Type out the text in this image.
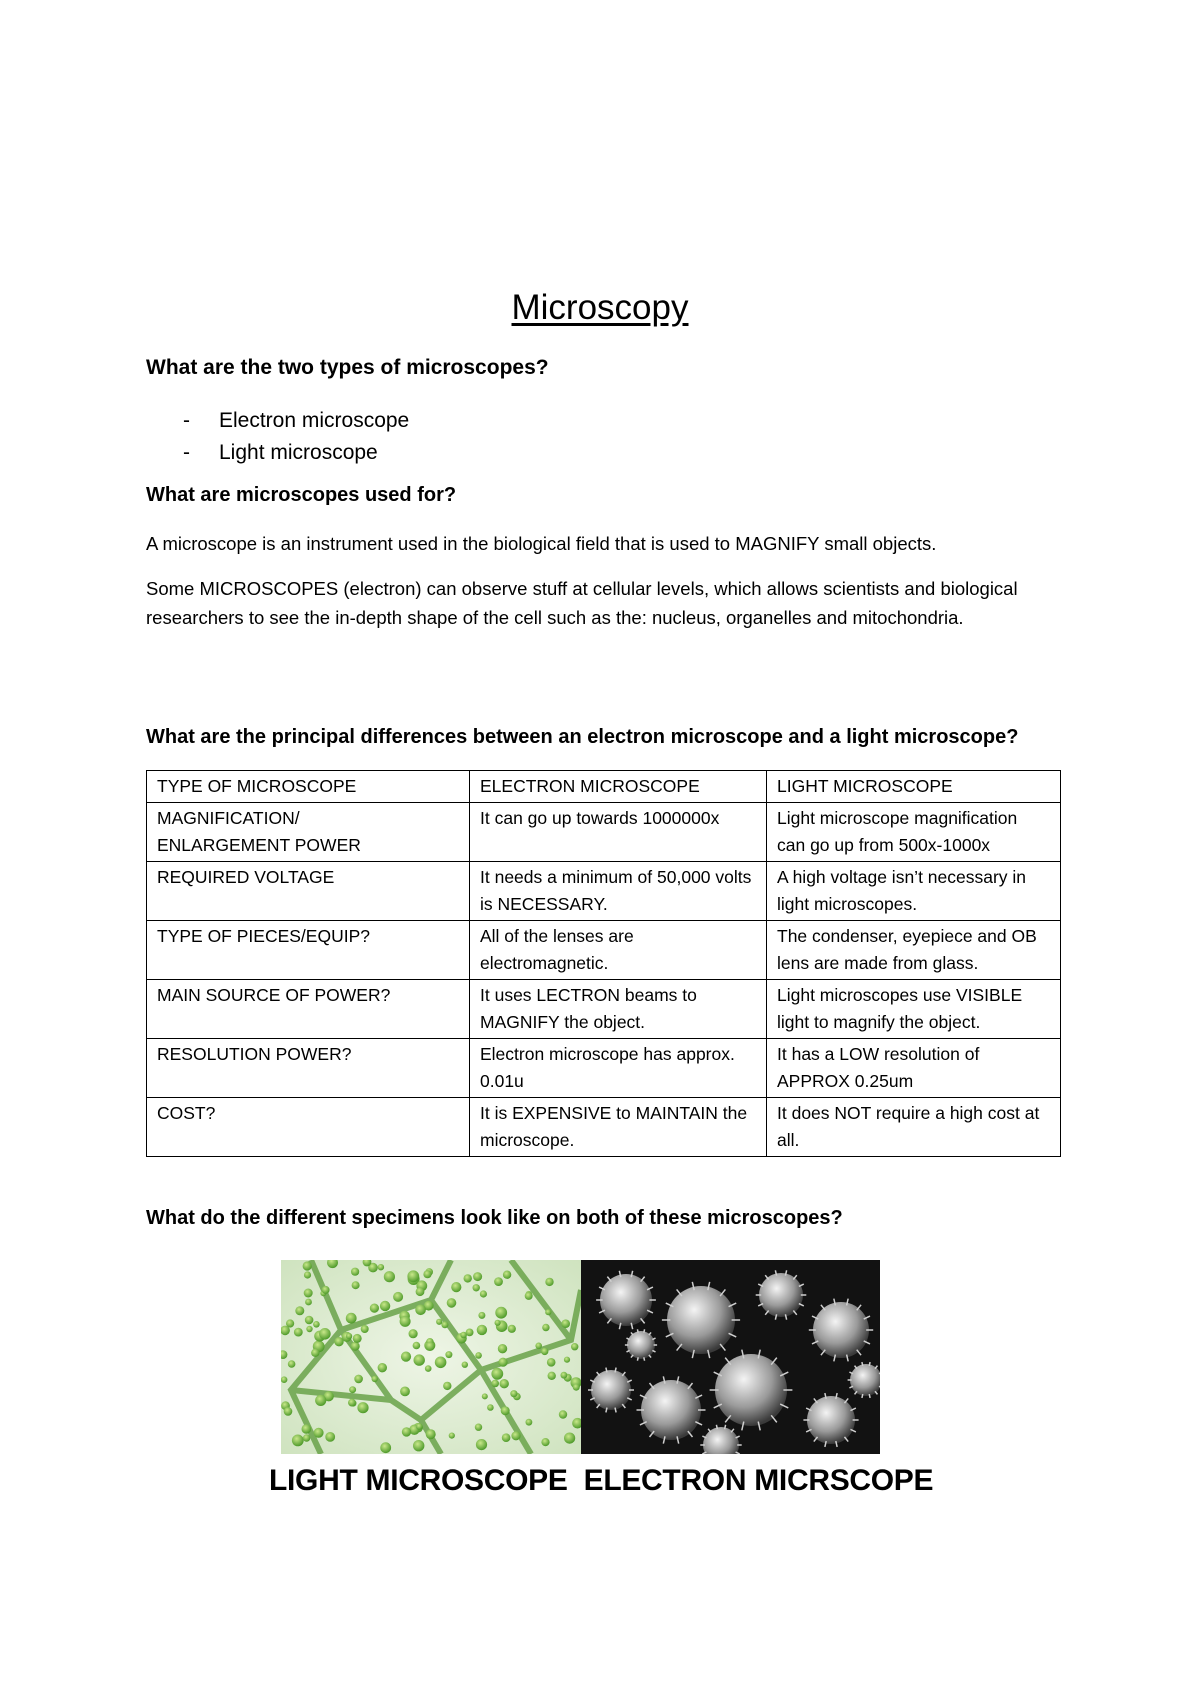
Microscopy
What are the two types of microscopes?
- Electron microscope
- Light microscope
What are microscopes used for?
A microscope is an instrument used in the biological field that is used to MAGNIFY small objects.
Some MICROSCOPES (electron) can observe stuff at cellular levels, which allows scientists and biological researchers to see the in-depth shape of the cell such as the: nucleus, organelles and mitochondria.
What are the principal differences between an electron microscope and a light microscope?
TYPE OF MICROSCOPE	ELECTRON MICROSCOPE	LIGHT MICROSCOPE
MAGNIFICATION/
ENLARGEMENT POWER	It can go up towards 1000000x	Light microscope magnification can go up from 500x-1000x
REQUIRED VOLTAGE	It needs a minimum of 50,000 volts is NECESSARY.	A high voltage isn’t necessary in light microscopes.
TYPE OF PIECES/EQUIP?	All of the lenses are electromagnetic.	The condenser, eyepiece and OB lens are made from glass.
MAIN SOURCE OF POWER?	It uses LECTRON beams to MAGNIFY the object.	Light microscopes use VISIBLE light to magnify the object.
RESOLUTION POWER?	Electron microscope has approx. 0.01u	It has a LOW resolution of APPROX 0.25um
COST?	It is EXPENSIVE to MAINTAIN the microscope.	It does NOT require a high cost at all.
What do the different specimens look like on both of these microscopes?
LIGHT MICROSCOPE  ELECTRON MICRSCOPE
